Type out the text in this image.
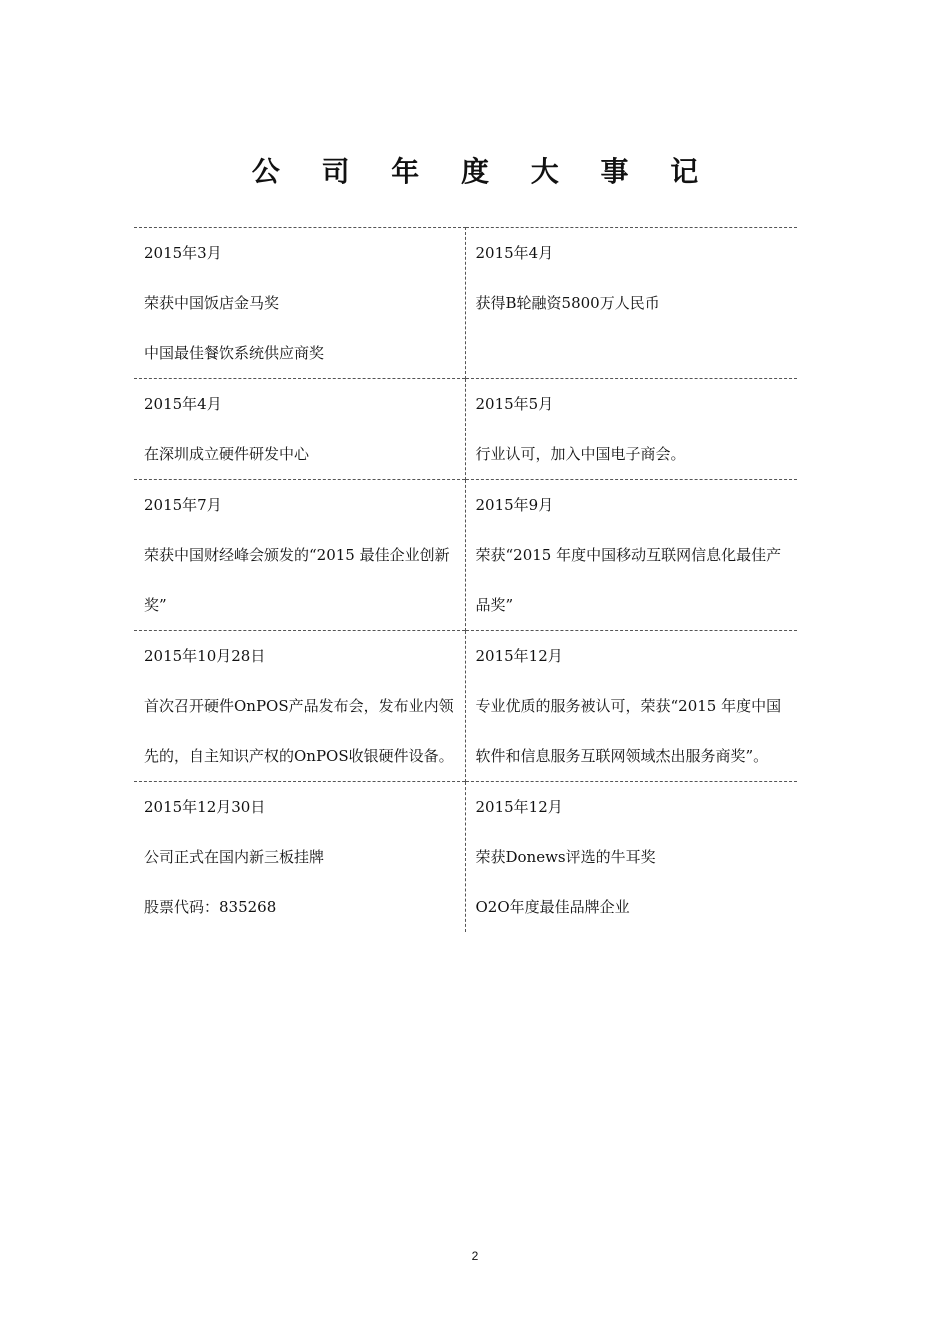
公 司 年 度 大 事 记
2015年3月
荣获中国饭店金马奖
中国最佳餐饮系统供应商奖	2015年4月
获得B轮融资5800万人民币

2015年4月
在深圳成立硬件研发中心	2015年5月
行业认可，加入中国电子商会。

2015年7月
荣获中国财经峰会颁发的“2015 最佳企业创新奖”	2015年9月
荣获“2015 年度中国移动互联网信息化最佳产品奖”

2015年10月28日
首次召开硬件OnPOS产品发布会，发布业内领先的，自主知识产权的OnPOS收银硬件设备。	2015年12月
专业优质的服务被认可，荣获“2015 年度中国软件和信息服务互联网领域杰出服务商奖”。

2015年12月30日
公司正式在国内新三板挂牌
股票代码：835268	2015年12月
荣获Donews评选的牛耳奖
O2O年度最佳品牌企业
2
